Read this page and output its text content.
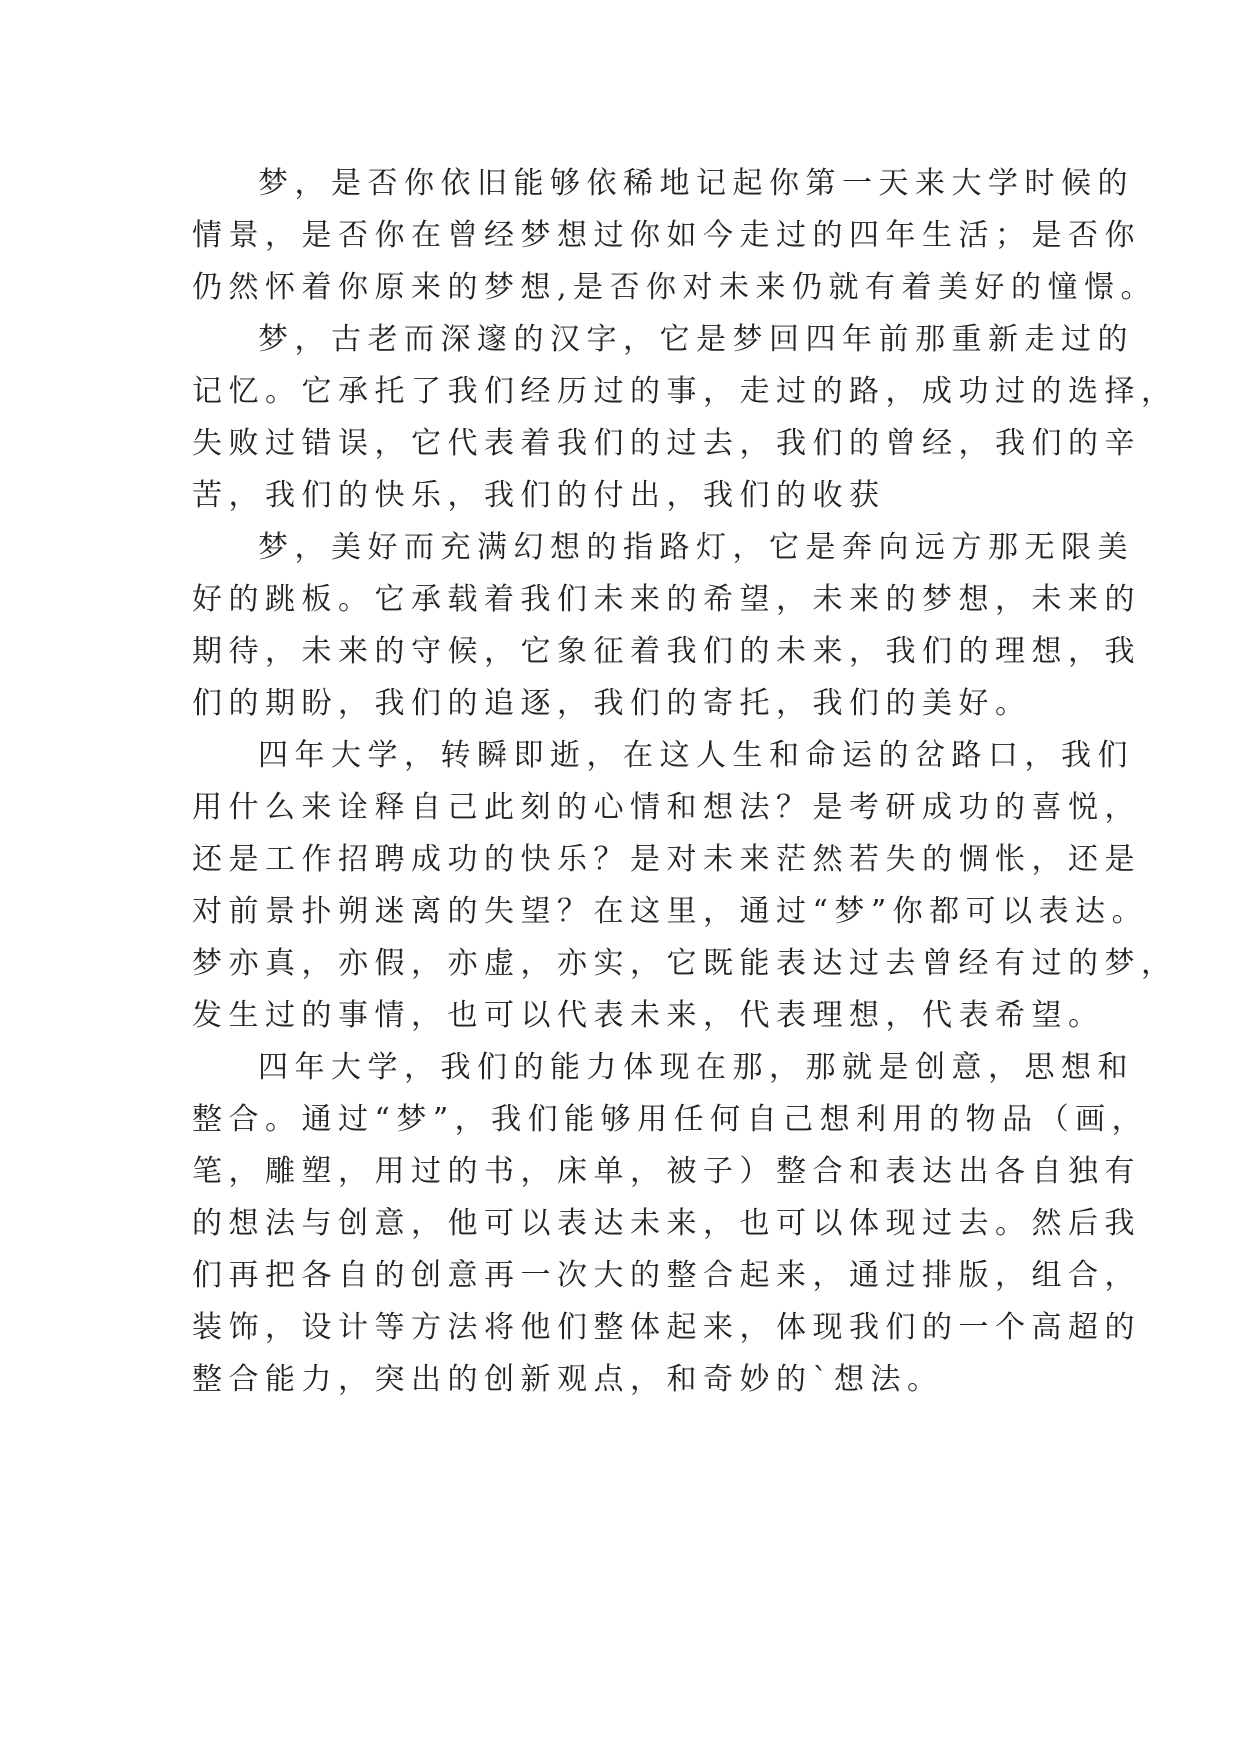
梦，是否你依旧能够依稀地记起你第一天来大学时候的
情景，是否你在曾经梦想过你如今走过的四年生活；是否你
仍然怀着你原来的梦想,是否你对未来仍就有着美好的憧憬。

梦，古老而深邃的汉字，它是梦回四年前那重新走过的
记忆。它承托了我们经历过的事，走过的路，成功过的选择，
失败过错误，它代表着我们的过去，我们的曾经，我们的辛
苦，我们的快乐，我们的付出，我们的收获

梦，美好而充满幻想的指路灯，它是奔向远方那无限美
好的跳板。它承载着我们未来的希望，未来的梦想，未来的
期待，未来的守候，它象征着我们的未来，我们的理想，我
们的期盼，我们的追逐，我们的寄托，我们的美好。

四年大学，转瞬即逝，在这人生和命运的岔路口，我们
用什么来诠释自己此刻的心情和想法？是考研成功的喜悦，
还是工作招聘成功的快乐？是对未来茫然若失的惆怅，还是
对前景扑朔迷离的失望？在这里，通过“梦”你都可以表达。
梦亦真，亦假，亦虚，亦实，它既能表达过去曾经有过的梦，
发生过的事情，也可以代表未来，代表理想，代表希望。

四年大学，我们的能力体现在那，那就是创意，思想和
整合。通过“梦”，我们能够用任何自己想利用的物品（画，
笔，雕塑，用过的书，床单，被子）整合和表达出各自独有
的想法与创意，他可以表达未来，也可以体现过去。然后我
们再把各自的创意再一次大的整合起来，通过排版，组合，
装饰，设计等方法将他们整体起来，体现我们的一个高超的
整合能力，突出的创新观点，和奇妙的`想法。
